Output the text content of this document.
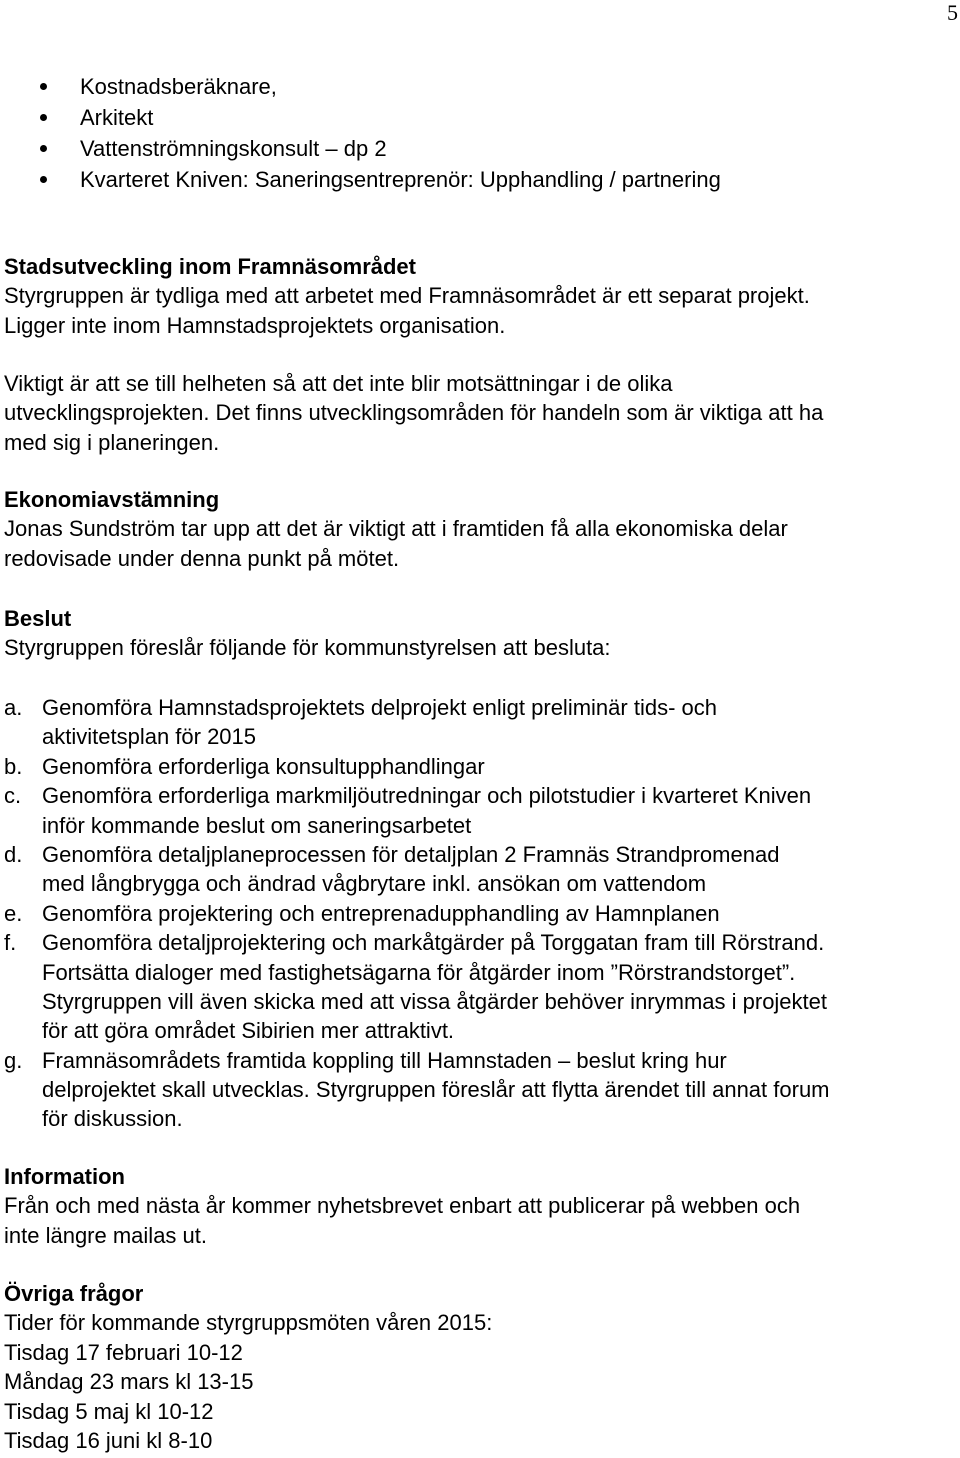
5
Kostnadsberäknare,
Arkitekt
Vattenströmningskonsult – dp 2
Kvarteret Kniven: Saneringsentreprenör: Upphandling / partnering
Stadsutveckling inom Framnäsområdet
Styrgruppen är tydliga med att arbetet med Framnäsområdet är ett separat projekt.
Ligger inte inom Hamnstadsprojektets organisation.
Viktigt är att se till helheten så att det inte blir motsättningar i de olika
utvecklingsprojekten. Det finns utvecklingsområden för handeln som är viktiga att ha
med sig i planeringen.
Ekonomiavstämning
Jonas Sundström tar upp att det är viktigt att i framtiden få alla ekonomiska delar
redovisade under denna punkt på mötet.
Beslut
Styrgruppen föreslår följande för kommunstyrelsen att besluta:
a. Genomföra Hamnstadsprojektets delprojekt enligt preliminär tids- och
aktivitetsplan för 2015
b. Genomföra erforderliga konsultupphandlingar
c. Genomföra erforderliga markmiljöutredningar och pilotstudier i kvarteret Kniven
inför kommande beslut om saneringsarbetet
d. Genomföra detaljplaneprocessen för detaljplan 2 Framnäs Strandpromenad
med långbrygga och ändrad vågbrytare inkl. ansökan om vattendom
e. Genomföra projektering och entreprenadupphandling av Hamnplanen
f. Genomföra detaljprojektering och markåtgärder på Torggatan fram till Rörstrand.
Fortsätta dialoger med fastighetsägarna för åtgärder inom ”Rörstrandstorget”.
Styrgruppen vill även skicka med att vissa åtgärder behöver inrymmas i projektet
för att göra området Sibirien mer attraktivt.
g. Framnäsområdets framtida koppling till Hamnstaden – beslut kring hur
delprojektet skall utvecklas. Styrgruppen föreslår att flytta ärendet till annat forum
för diskussion.
Information
Från och med nästa år kommer nyhetsbrevet enbart att publicerar på webben och
inte längre mailas ut.
Övriga frågor
Tider för kommande styrgruppsmöten våren 2015:
Tisdag 17 februari 10-12
Måndag 23 mars kl 13-15
Tisdag 5 maj kl 10-12
Tisdag 16 juni kl 8-10
